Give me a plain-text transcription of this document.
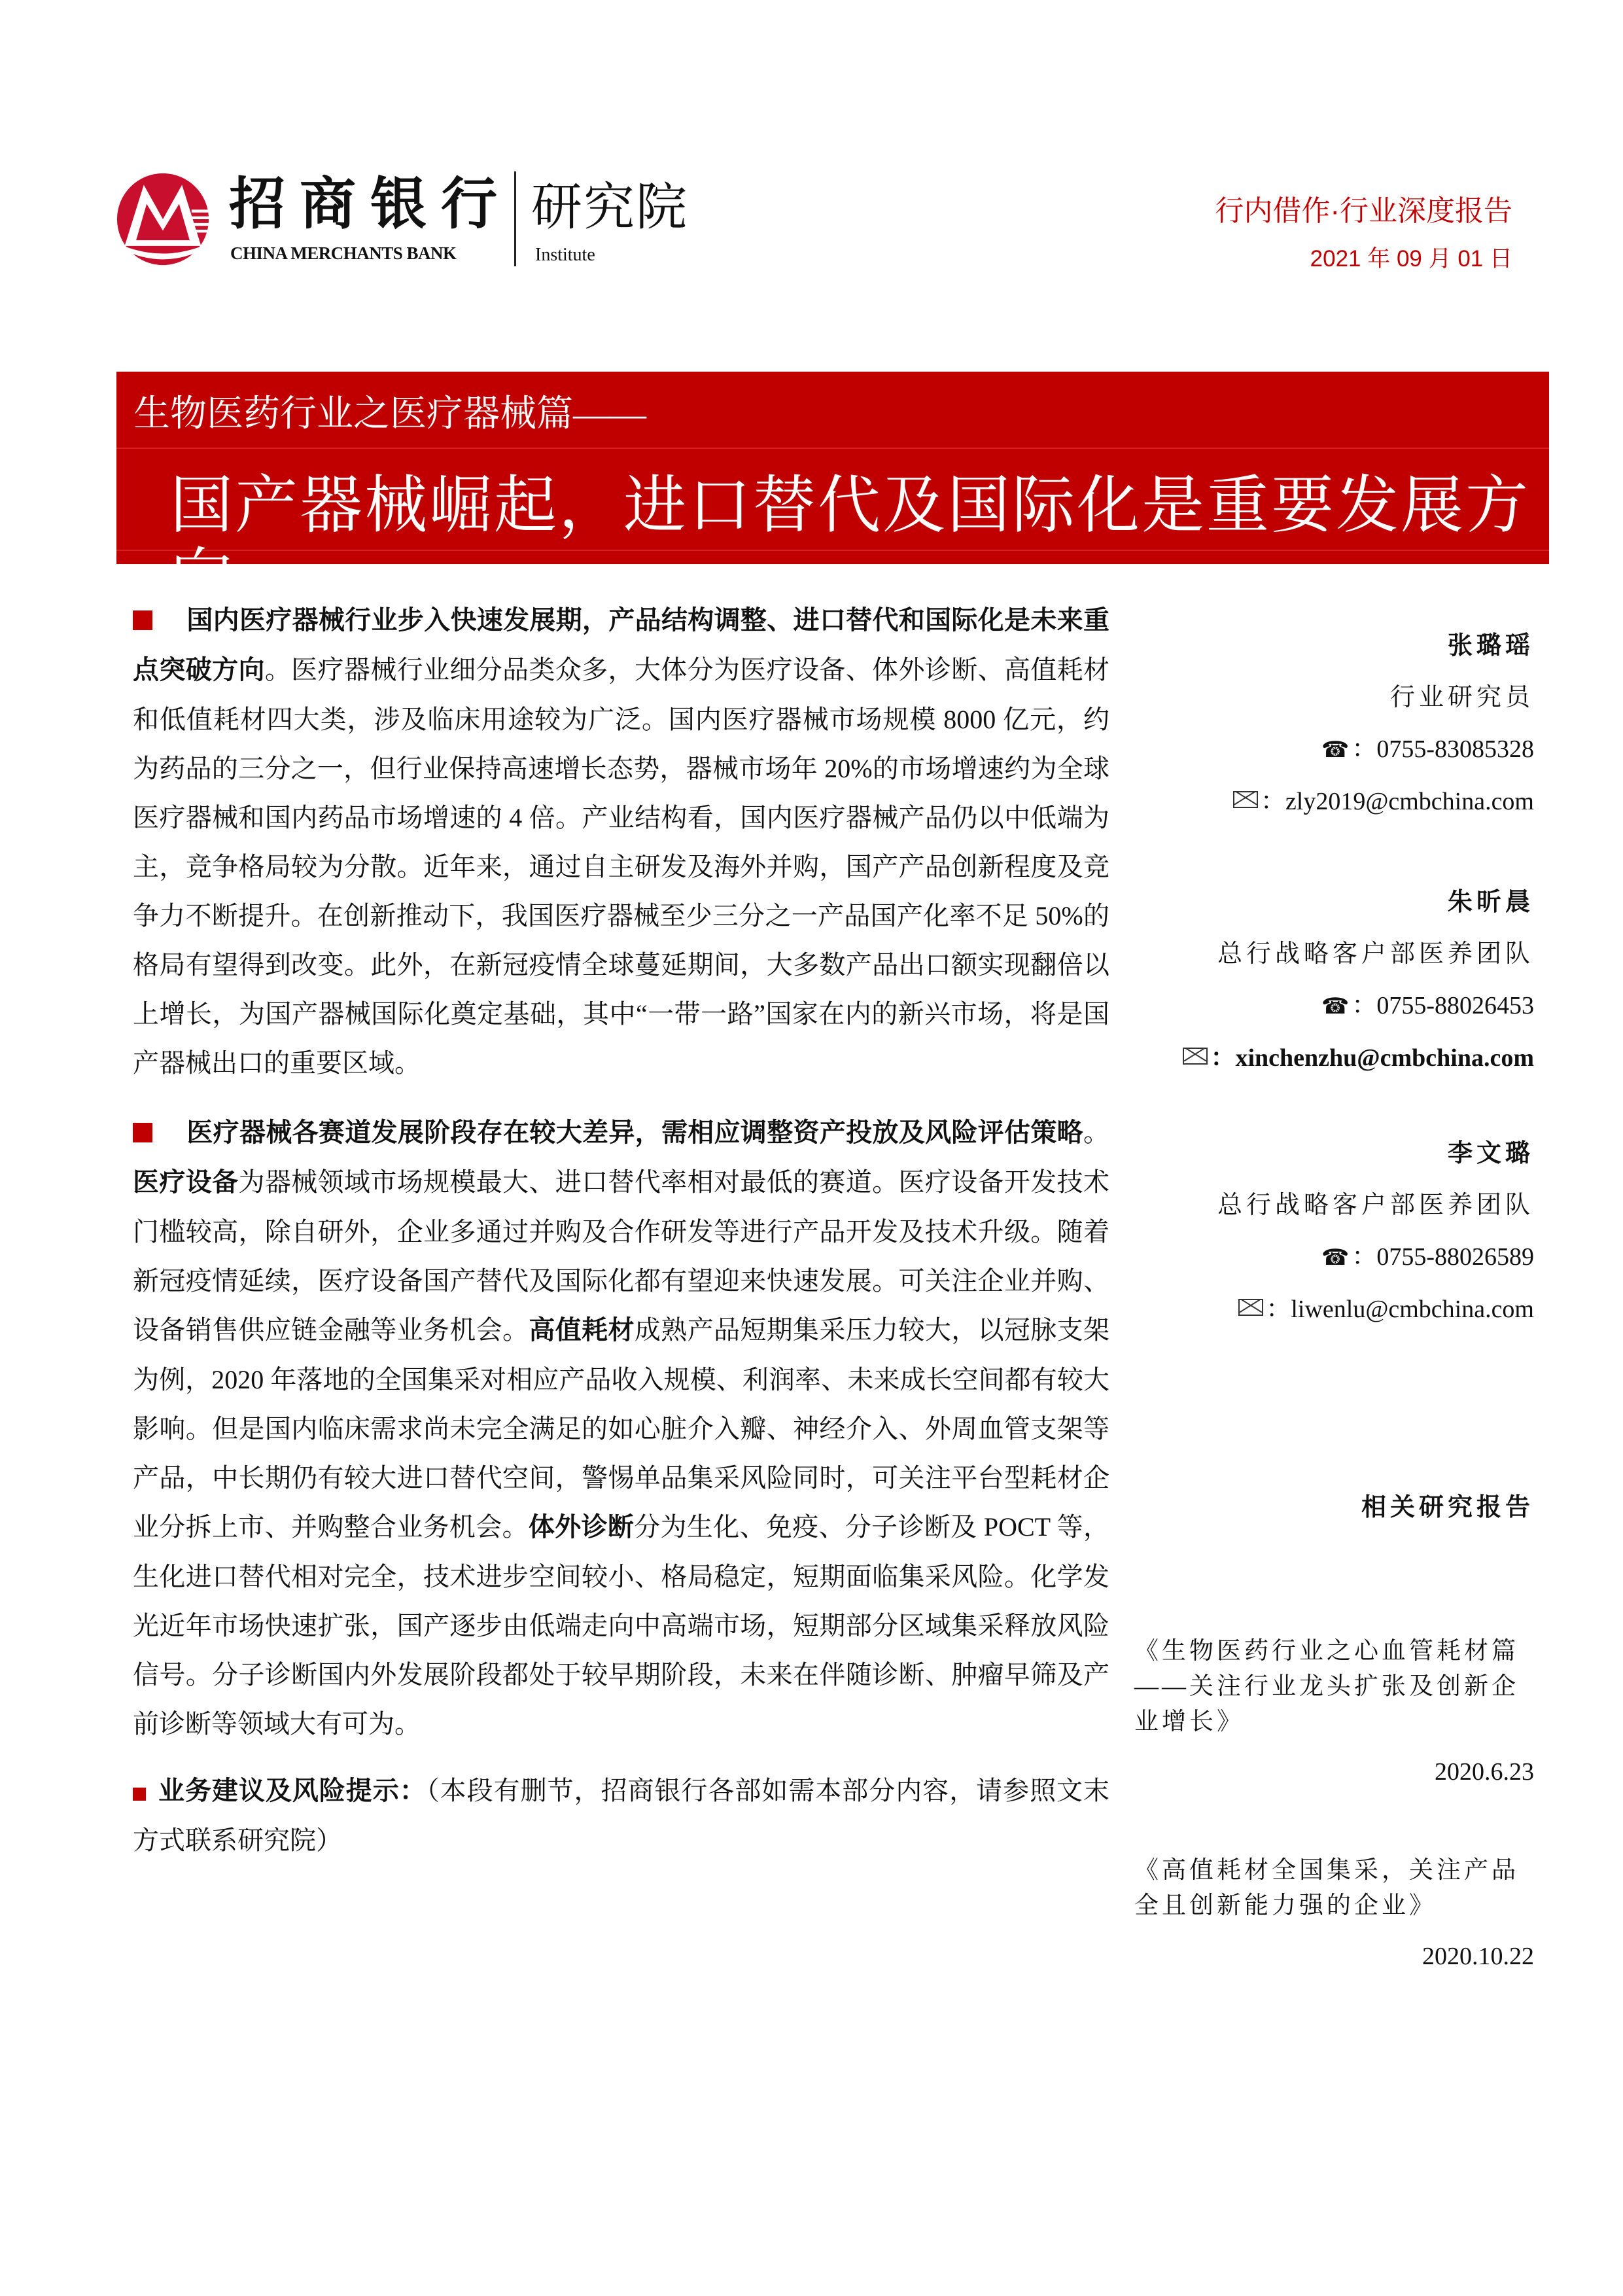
招商银行
CHINA MERCHANTS BANK
研究院
Institute
行内借作·行业深度报告
2021 年 09 月 01 日
生物医药行业之医疗器械篇——
国产器械崛起，进口替代及国际化是重要发展方向
国内医疗器械行业步入快速发展期，产品结构调整、进口替代和国际化是未来重点突破方向。医疗器械行业细分品类众多，大体分为医疗设备、体外诊断、高值耗材和低值耗材四大类，涉及临床用途较为广泛。国内医疗器械市场规模 8000 亿元，约为药品的三分之一，但行业保持高速增长态势，器械市场年 20%的市场增速约为全球医疗器械和国内药品市场增速的 4 倍。产业结构看，国内医疗器械产品仍以中低端为主，竞争格局较为分散。近年来，通过自主研发及海外并购，国产产品创新程度及竞争力不断提升。在创新推动下，我国医疗器械至少三分之一产品国产化率不足 50%的格局有望得到改变。此外，在新冠疫情全球蔓延期间，大多数产品出口额实现翻倍以上增长，为国产器械国际化奠定基础，其中“一带一路”国家在内的新兴市场，将是国产器械出口的重要区域。
医疗器械各赛道发展阶段存在较大差异，需相应调整资产投放及风险评估策略。医疗设备为器械领域市场规模最大、进口替代率相对最低的赛道。医疗设备开发技术门槛较高，除自研外，企业多通过并购及合作研发等进行产品开发及技术升级。随着新冠疫情延续，医疗设备国产替代及国际化都有望迎来快速发展。可关注企业并购、设备销售供应链金融等业务机会。高值耗材成熟产品短期集采压力较大，以冠脉支架为例，2020 年落地的全国集采对相应产品收入规模、利润率、未来成长空间都有较大影响。但是国内临床需求尚未完全满足的如心脏介入瓣、神经介入、外周血管支架等产品，中长期仍有较大进口替代空间，警惕单品集采风险同时，可关注平台型耗材企业分拆上市、并购整合业务机会。体外诊断分为生化、免疫、分子诊断及 POCT 等，生化进口替代相对完全，技术进步空间较小、格局稳定，短期面临集采风险。化学发光近年市场快速扩张，国产逐步由低端走向中高端市场，短期部分区域集采释放风险信号。分子诊断国内外发展阶段都处于较早期阶段，未来在伴随诊断、肿瘤早筛及产前诊断等领域大有可为。
业务建议及风险提示：（本段有删节，招商银行各部如需本部分内容，请参照文末方式联系研究院）
张璐瑶
行业研究员
☎ ：0755-83085328
：zly2019@cmbchina.com
朱昕晨
总行战略客户部医养团队
☎ ：0755-88026453
：xinchenzhu@cmbchina.com
李文璐
总行战略客户部医养团队
☎ ：0755-88026589
：liwenlu@cmbchina.com
相关研究报告
《生物医药行业之心血管耗材篇——关注行业龙头扩张及创新企业增长》
2020.6.23
《高值耗材全国集采，关注产品全且创新能力强的企业》
2020.10.22
